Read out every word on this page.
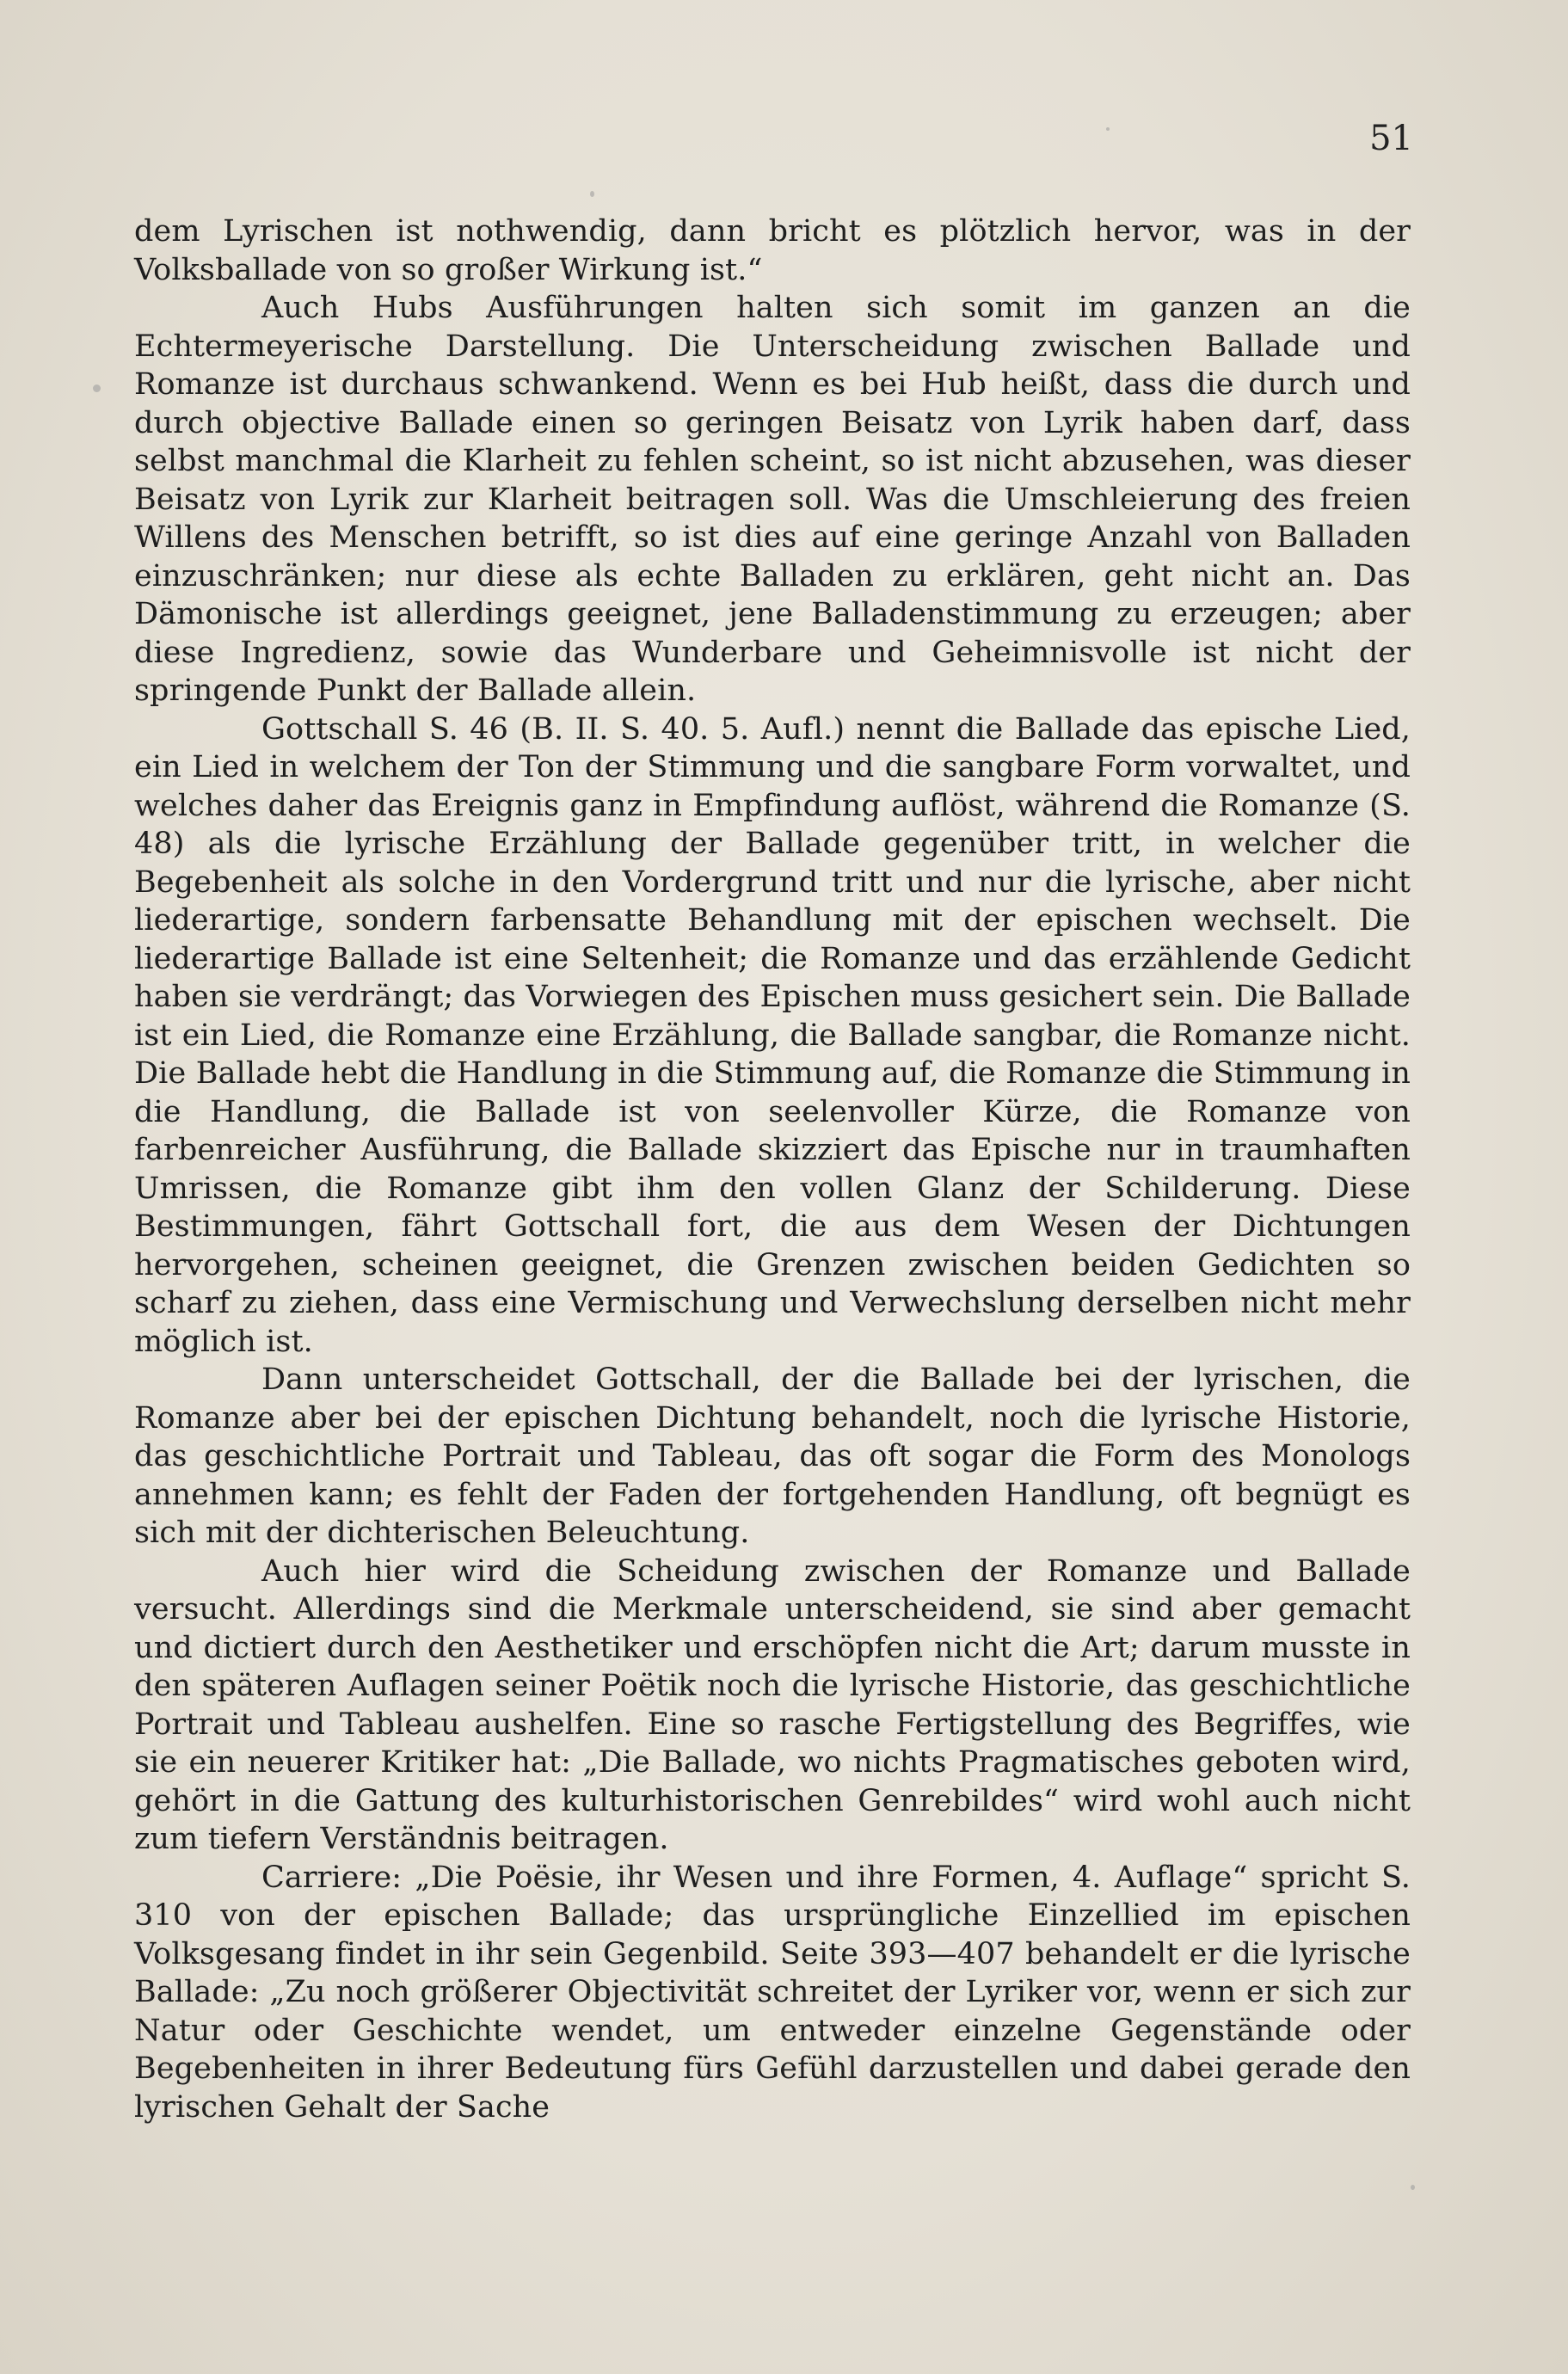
51

dem Lyrischen ist nothwendig, dann bricht es plötzlich hervor, was in der Volksballade von so großer Wirkung ist.“

Auch Hubs Ausführungen halten sich somit im ganzen an die Echtermeyerische Darstellung. Die Unterscheidung zwischen Ballade und Romanze ist durchaus schwankend. Wenn es bei Hub heißt, dass die durch und durch objective Ballade einen so geringen Beisatz von Lyrik haben darf, dass selbst manchmal die Klarheit zu fehlen scheint, so ist nicht abzusehen, was dieser Beisatz von Lyrik zur Klarheit beitragen soll. Was die Umschleierung des freien Willens des Menschen betrifft, so ist dies auf eine geringe Anzahl von Balladen einzuschränken; nur diese als echte Balladen zu erklären, geht nicht an. Das Dämonische ist allerdings geeignet, jene Balladenstimmung zu erzeugen; aber diese Ingredienz, sowie das Wunderbare und Geheimnisvolle ist nicht der springende Punkt der Ballade allein.

Gottschall S. 46 (B. II. S. 40. 5. Aufl.) nennt die Ballade das epische Lied, ein Lied in welchem der Ton der Stimmung und die sangbare Form vorwaltet, und welches daher das Ereignis ganz in Empfindung auflöst, während die Romanze (S. 48) als die lyrische Erzählung der Ballade gegenüber tritt, in welcher die Begebenheit als solche in den Vordergrund tritt und nur die lyrische, aber nicht liederartige, sondern farbensatte Behandlung mit der epischen wechselt. Die liederartige Ballade ist eine Seltenheit; die Romanze und das erzählende Gedicht haben sie verdrängt; das Vorwiegen des Epischen muss gesichert sein. Die Ballade ist ein Lied, die Romanze eine Erzählung, die Ballade sangbar, die Romanze nicht. Die Ballade hebt die Handlung in die Stimmung auf, die Romanze die Stimmung in die Handlung, die Ballade ist von seelenvoller Kürze, die Romanze von farbenreicher Ausführung, die Ballade skizziert das Epische nur in traumhaften Umrissen, die Romanze gibt ihm den vollen Glanz der Schilderung. Diese Bestimmungen, fährt Gottschall fort, die aus dem Wesen der Dichtungen hervorgehen, scheinen geeignet, die Grenzen zwischen beiden Gedichten so scharf zu ziehen, dass eine Vermischung und Verwechslung derselben nicht mehr möglich ist.

Dann unterscheidet Gottschall, der die Ballade bei der lyrischen, die Romanze aber bei der epischen Dichtung behandelt, noch die lyrische Historie, das geschichtliche Portrait und Tableau, das oft sogar die Form des Monologs annehmen kann; es fehlt der Faden der fortgehenden Handlung, oft begnügt es sich mit der dichterischen Beleuchtung.

Auch hier wird die Scheidung zwischen der Romanze und Ballade versucht. Allerdings sind die Merkmale unterscheidend, sie sind aber gemacht und dictiert durch den Aesthetiker und erschöpfen nicht die Art; darum musste in den späteren Auflagen seiner Poëtik noch die lyrische Historie, das geschichtliche Portrait und Tableau aushelfen. Eine so rasche Fertigstellung des Begriffes, wie sie ein neuerer Kritiker hat: „Die Ballade, wo nichts Pragmatisches geboten wird, gehört in die Gattung des kulturhistorischen Genrebildes“ wird wohl auch nicht zum tiefern Verständnis beitragen.

Carriere: „Die Poësie, ihr Wesen und ihre Formen, 4. Auflage“ spricht S. 310 von der epischen Ballade; das ursprüngliche Einzellied im epischen Volksgesang findet in ihr sein Gegenbild. Seite 393—407 behandelt er die lyrische Ballade: „Zu noch größerer Objectivität schreitet der Lyriker vor, wenn er sich zur Natur oder Geschichte wendet, um entweder einzelne Gegenstände oder Begebenheiten in ihrer Bedeutung fürs Gefühl darzustellen und dabei gerade den lyrischen Gehalt der Sache
